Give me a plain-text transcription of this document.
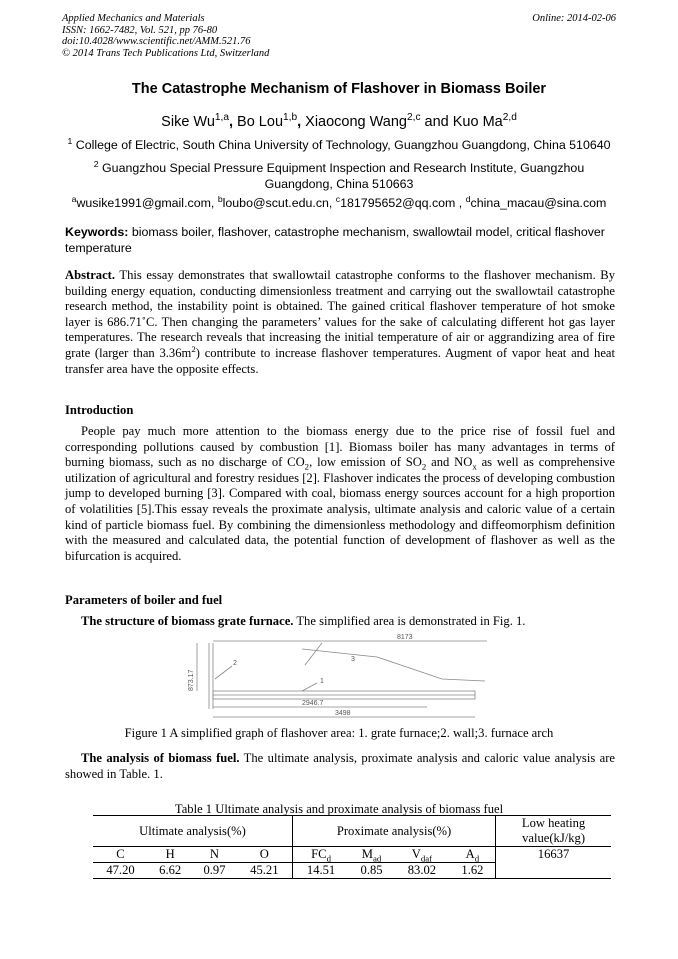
Applied Mechanics and Materials
ISSN: 1662-7482, Vol. 521, pp 76-80
doi:10.4028/www.scientific.net/AMM.521.76
© 2014 Trans Tech Publications Ltd, Switzerland
Online: 2014-02-06
The Catastrophe Mechanism of Flashover in Biomass Boiler
Sike Wu$^{1,a}$, Bo Lou$^{1,b}$, Xiaocong Wang$^{2,c}$ and Kuo Ma$^{2,d}$
$^1$ College of Electric, South China University of Technology, Guangzhou Guangdong, China 510640
$^2$ Guangzhou Special Pressure Equipment Inspection and Research Institute, Guangzhou Guangdong, China 510663
$^a$wusike1991@gmail.com, $^b$loubo@scut.edu.cn, $^c$181795652@qq.com , $^d$china_macau@sina.com
Keywords: biomass boiler, flashover, catastrophe mechanism, swallowtail model, critical flashover temperature
Abstract. This essay demonstrates that swallowtail catastrophe conforms to the flashover mechanism. By building energy equation, conducting dimensionless treatment and carrying out the swallowtail catastrophe research method, the instability point is obtained. The gained critical flashover temperature of hot smoke layer is 686.71˚C. Then changing the parameters’ values for the sake of calculating different hot gas layer temperatures. The research reveals that increasing the initial temperature of air or aggrandizing area of fire grate (larger than $3.36m^2$) contribute to increase flashover temperatures. Augment of vapor heat and heat transfer area have the opposite effects.
Introduction
People pay much more attention to the biomass energy due to the price rise of fossil fuel and corresponding pollutions caused by combustion [1]. Biomass boiler has many advantages in terms of burning biomass, such as no discharge of $CO_2$, low emission of $SO_2$ and $NO_x$ as well as comprehensive utilization of agricultural and forestry residues [2]. Flashover indicates the process of developing combustion jump to developed burning [3]. Compared with coal, biomass energy sources account for a high proportion of volatilities [5].This essay reveals the proximate analysis, ultimate analysis and caloric value of a certain kind of particle biomass fuel. By combining the dimensionless methodology and diffeomorphism definition with the measured and calculated data, the potential function of development of flashover as well as the bifurcation is acquired.
Parameters of boiler and fuel
The structure of biomass grate furnace. The simplified area is demonstrated in Fig. 1.
8173
873.17
2946.7
3498
1
2
3
Figure 1 A simplified graph of flashover area: 1. grate furnace;2. wall;3. furnace arch
The analysis of biomass fuel. The ultimate analysis, proximate analysis and caloric value analysis are showed in Table. 1.
Table 1 Ultimate analysis and proximate analysis of biomass fuel
Ultimate analysis(%)				Proximate analysis(%)				Low heating
value(kJ/kg)
C	H	N	O	$FC_d$	$M_{ad}$	$V_{daf}$	$A_d$	16637
47.20	6.62	0.97	45.21	14.51	0.85	83.02	1.62	
